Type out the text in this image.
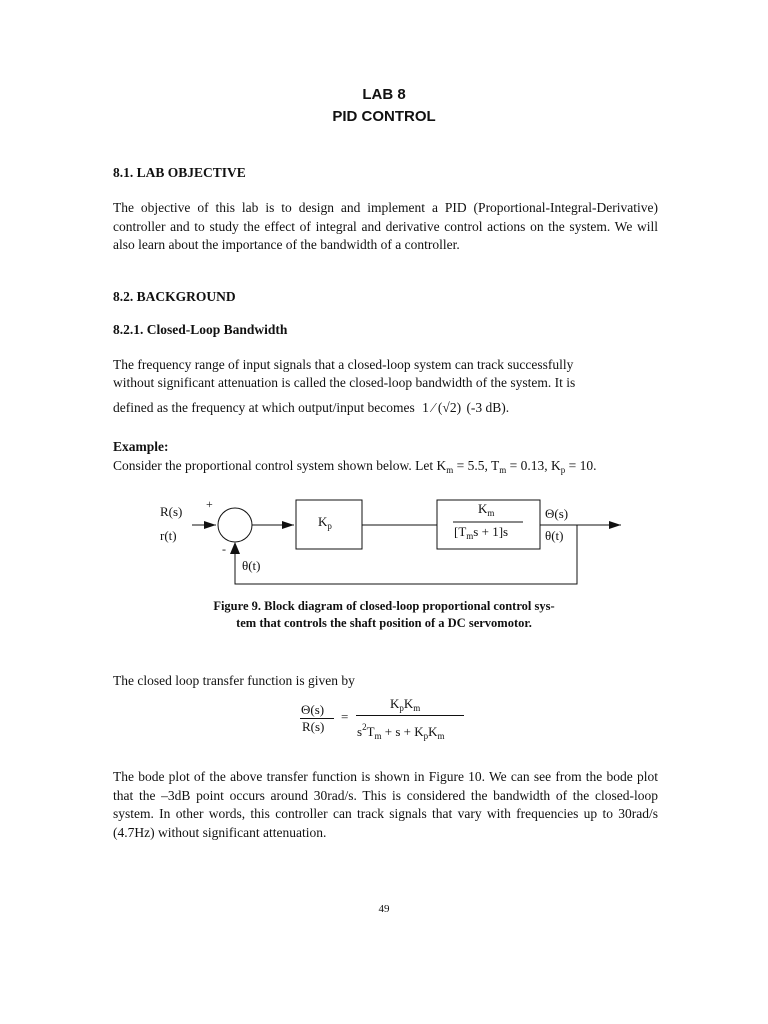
LAB 8
PID CONTROL
8.1. LAB OBJECTIVE
The objective of this lab is to design and implement a PID (Proportional-Integral-Derivative) controller and to study the effect of integral and derivative control actions on the system. We will also learn about the importance of the bandwidth of a controller.
8.2. BACKGROUND
8.2.1. Closed-Loop Bandwidth
The frequency range of input signals that a closed-loop system can track successfully
without significant attenuation is called the closed-loop bandwidth of the system. It is
defined as the frequency at which output/input becomes 1 ⁄ (√2) (-3 dB).
Example:
Consider the proportional control system shown below. Let $K_m = 5.5$, $T_m = 0.13$, $K_p = 10$.
R(s)
r(t)
+
-
$K_p$
$K_m$
$[T_ms + 1]s$
Θ(s)
θ(t)
θ(t)
Figure 9. Block diagram of closed-loop proportional control sys-
tem that controls the shaft position of a DC servomotor.
The closed loop transfer function is given by
Θ(s)
R(s)
=
$K_pK_m$
$s^2T_m + s + K_pK_m$
The bode plot of the above transfer function is shown in Figure 10. We can see from the bode plot that the –3dB point occurs around 30rad/s. This is considered the bandwidth of the closed-loop system. In other words, this controller can track signals that vary with frequencies up to 30rad/s (4.7Hz) without significant attenuation.
49
